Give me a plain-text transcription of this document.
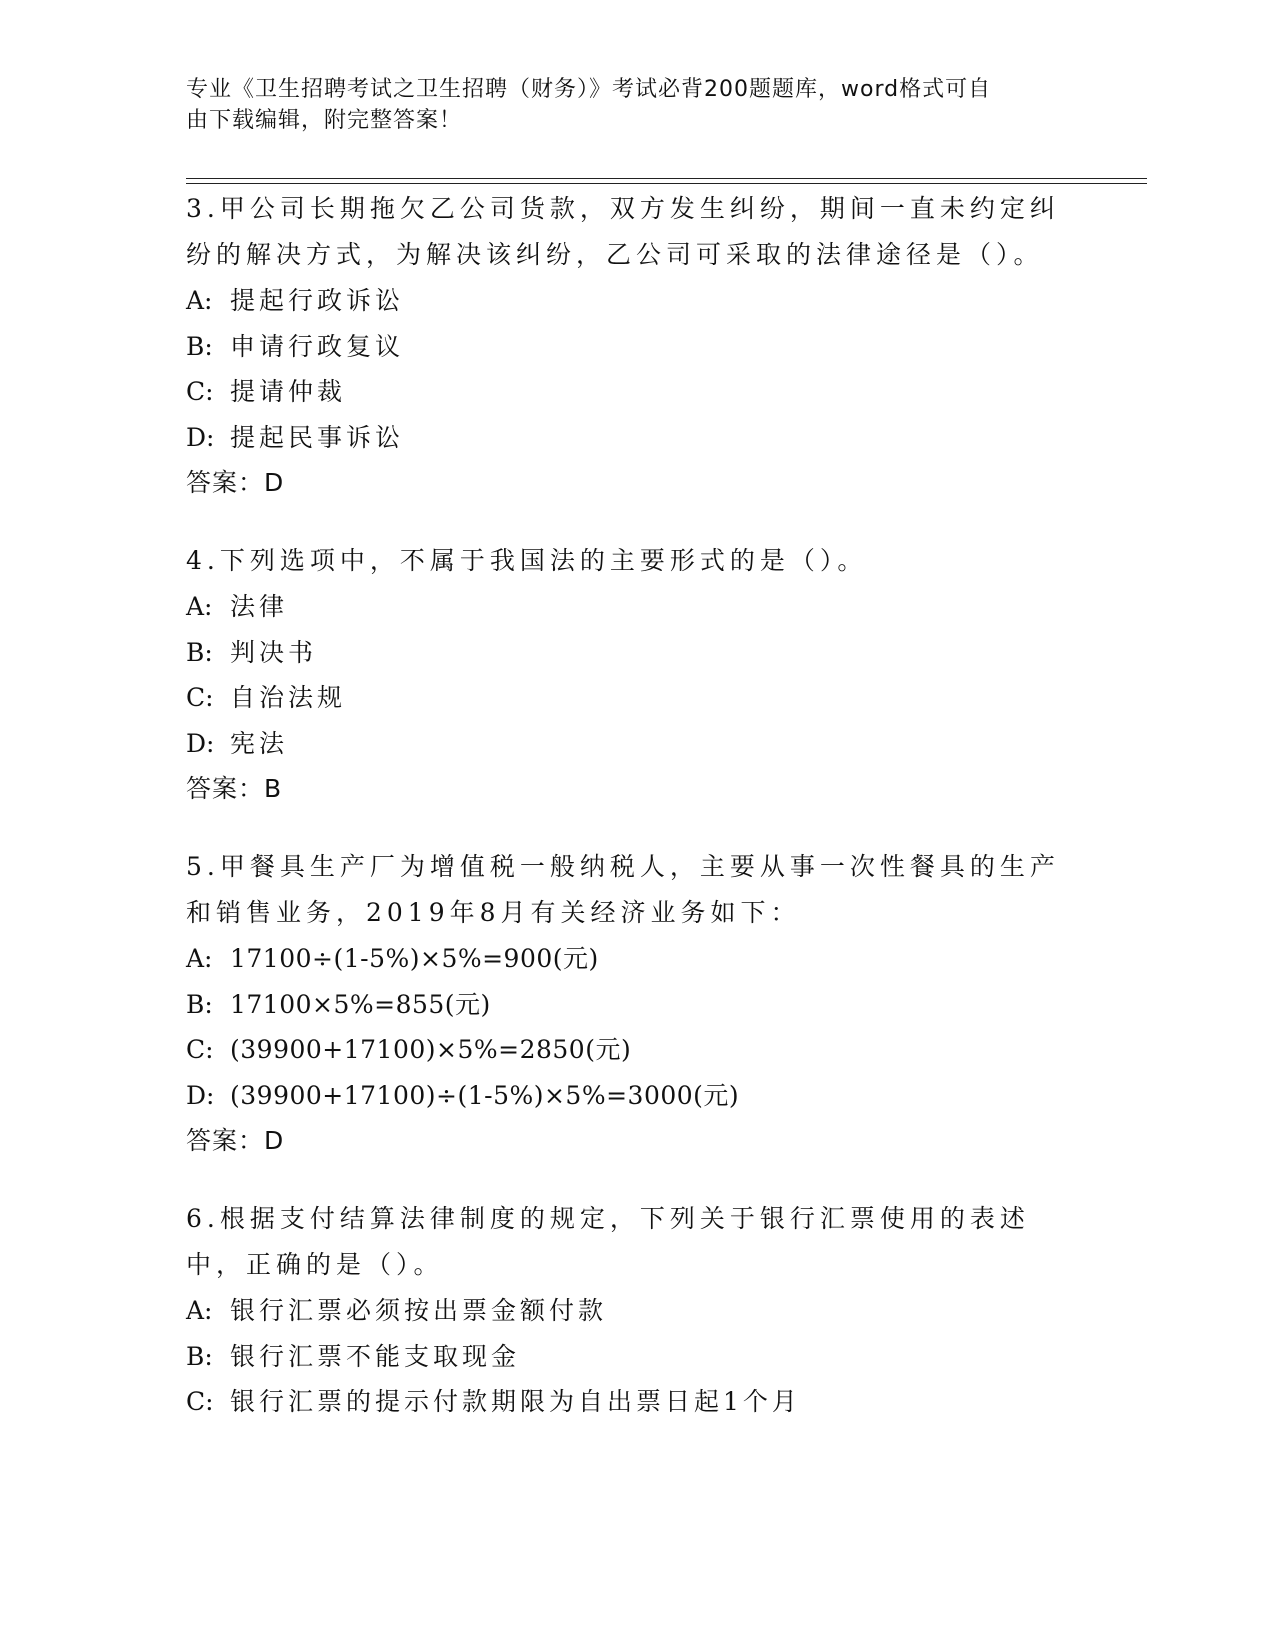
专业《卫生招聘考试之卫生招聘（财务）》考试必背200题题库，word格式可自
由下载编辑，附完整答案！

3.甲公司长期拖欠乙公司货款，双方发生纠纷，期间一直未约定纠纷的解决方式，为解决该纠纷，乙公司可采取的法律途径是（）。

A: 提起行政诉讼

B: 申请行政复议

C: 提请仲裁

D: 提起民事诉讼

答案：D

4.下列选项中，不属于我国法的主要形式的是（）。

A: 法律

B: 判决书

C: 自治法规

D: 宪法

答案：B

5.甲餐具生产厂为增值税一般纳税人，主要从事一次性餐具的生产和销售业务，2019年8月有关经济业务如下：

A: 17100÷(1-5%)×5%=900(元)

B: 17100×5%=855(元)

C: (39900+17100)×5%=2850(元)

D: (39900+17100)÷(1-5%)×5%=3000(元)

答案：D

6.根据支付结算法律制度的规定，下列关于银行汇票使用的表述中，正确的是（）。

A: 银行汇票必须按出票金额付款

B: 银行汇票不能支取现金

C: 银行汇票的提示付款期限为自出票日起1个月
